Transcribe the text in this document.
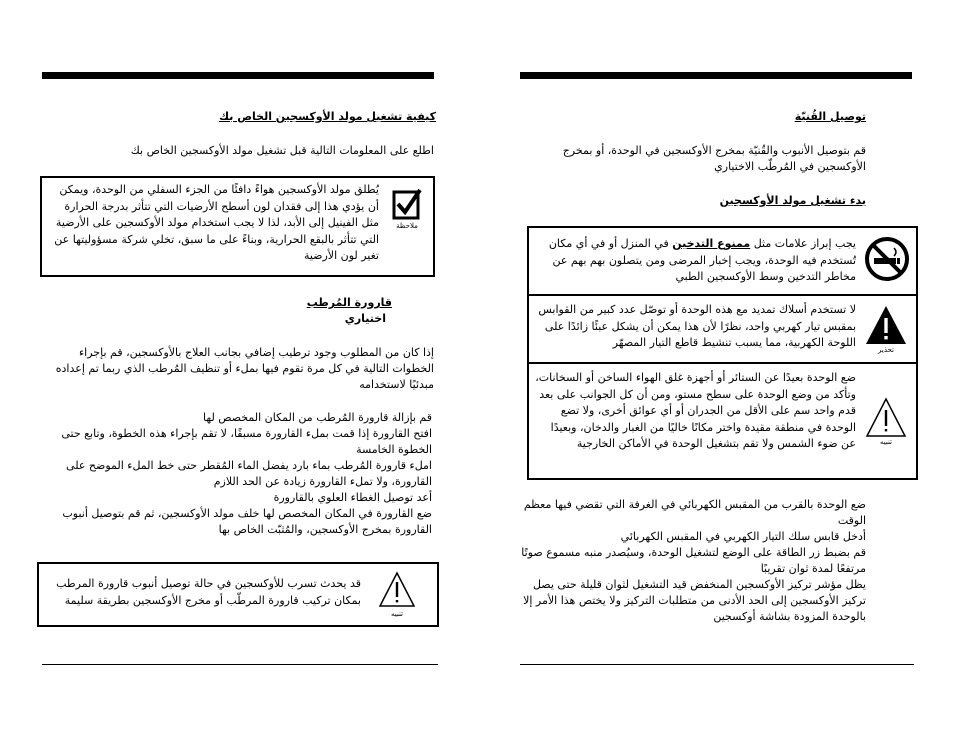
كيفية تشغيل مولد الأوكسجين الخاص بك
اطلع على المعلومات التالية قبل تشغيل مولد الأوكسجين الخاص بك
ملاحظة
يُطلق مولد الأوكسجين هواءً دافئًا من الجزء السفلي من الوحدة، ويمكن أن يؤدي هذا إلى فقدان لون أسطح الأرضيات التي تتأثر بدرجة الحرارة مثل الفينيل إلى الأبد، لذا لا يجب استخدام مولد الأوكسجين على الأرضية التي تتأثر بالبقع الحرارية، وبناءً على ما سبق، تخلي شركة مسؤوليتها عن تغير لون الأرضية
قارورة المُرطب
اختياري
إذا كان من المطلوب وجود ترطيب إضافي بجانب العلاج بالأوكسجين، قم بإجراء الخطوات التالية في كل مرة تقوم فيها بملء أو تنظيف المُرطب الذي ربما تم إعداده مبدئيًا لاستخدامه
قم بإزالة قارورة المُرطب من المكان المخصص لها
افتح القارورة إذا قمت بملء القارورة مسبقًا، لا تقم بإجراء هذه الخطوة، وتابع حتى الخطوة الخامسة
املء قارورة المُرطب بماء بارد يفضل الماء المُقطر حتى خط الملء الموضح على القارورة، ولا تملء القارورة زيادة عن الحد اللازم
أعد توصيل الغطاء العلوي بالقارورة
ضع القارورة في المكان المخصص لها خلف مولد الأوكسجين، ثم قم بتوصيل أنبوب القارورة بمخرج الأوكسجين، والمُثبّت الخاص بها
تنبيه
قد يحدث تسرب للأوكسجين في حالة توصيل أنبوب قارورة المرطب بمكان تركيب قارورة المرطّب أو مخرج الأوكسجين بطريقة سليمة
توصيل القُنيّة
قم بتوصيل الأنبوب والقُنيّة بمخرج الأوكسجين في الوحدة، أو بمخرج الأوكسجين في المُرطّب الاختياري
بدء تشغيل مولد الأوكسجين
يجب إبراز علامات مثل ممنوع التدخين في المنزل أو في أي مكان تُستخدم فيه الوحدة، ويجب إخبار المرضى ومن يتصلون بهم بهم عن مخاطر التدخين وسط الأوكسجين الطبي
تحذير
لا تستخدم أسلاك تمديد مع هذه الوحدة أو توصّل عدد كبير من القوابس بمقبس تيار كهربي واحد، نظرًا لأن هذا يمكن أن يشكل عبئًا زائدًا على اللوحة الكهربية، مما يسبب تنشيط قاطع التيار المصهّر
تنبيه
ضع الوحدة بعيدًا عن الستائر أو أجهزة غلق الهواء الساخن أو السخانات، وتأكد من وضع الوحدة على سطح مستو، ومن أن كل الجوانب على بعد قدم واحد سم على الأقل من الجدران أو أي عوائق أخرى، ولا تضع الوحدة في منطقة مقيدة واختر مكانًا خاليًا من الغبار والدخان، وبعيدًا عن ضوء الشمس ولا تقم بتشغيل الوحدة في الأماكن الخارجية
ضع الوحدة بالقرب من المقبس الكهربائي في الغرفة التي تقضي فيها معظم الوقت
أدخل قابس سلك التيار الكهربي في المقبس الكهربائي
قم بضبط زر الطاقة على الوضع لتشغيل الوحدة، وسيُصدر منبه مسموع صوتًا مرتفعًا لمدة ثوان تقريبًا
يظل مؤشر تركيز الأوكسجين المنخفض قيد التشغيل لثوان قليلة حتى يصل تركيز الأوكسجين إلى الحد الأدنى من متطلبات التركيز ولا يختص هذا الأمر إلا بالوحدة المزودة بشاشة أوكسجين
